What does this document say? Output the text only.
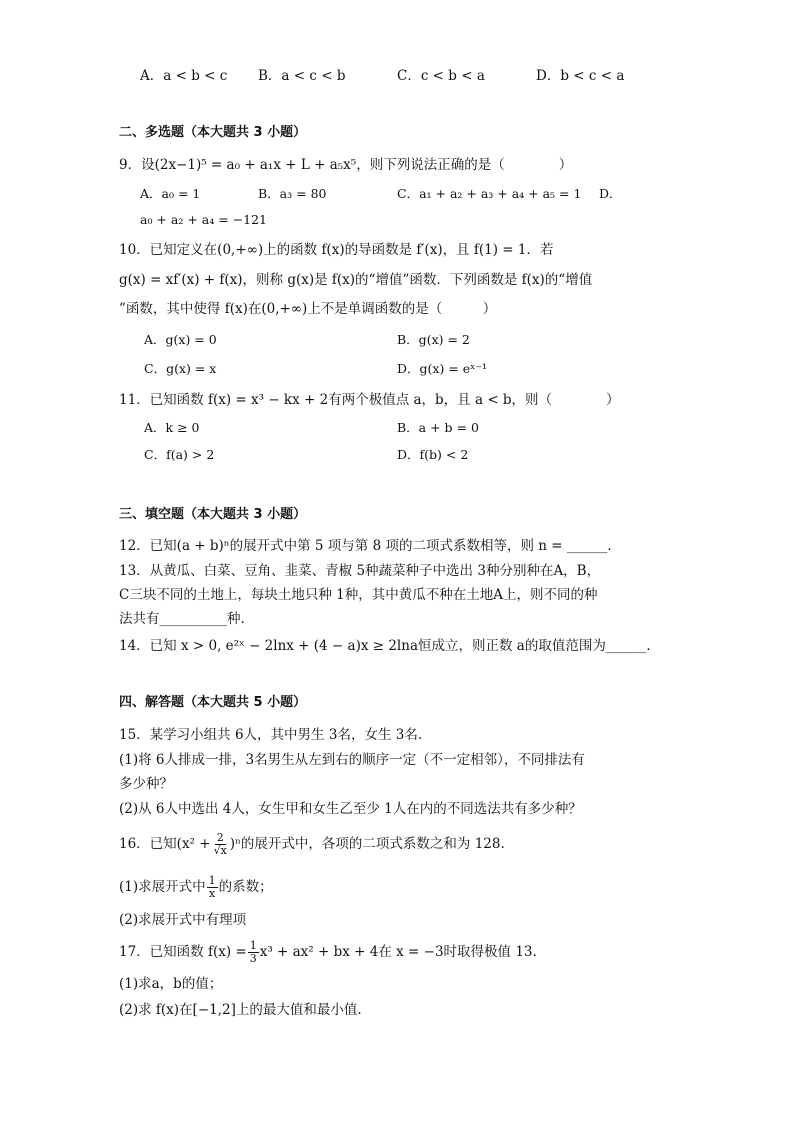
A．a < b < c B．a < c < b	C．c < b < a	D．b < c < a
二、多选题（本大题共 3 小题）
9．设(2x−1)⁵ = a₀ + a₁x + L + a₅x⁵，则下列说法正确的是（　　　　）
A．a₀ = 1	B．a₃ = 80	C．a₁ + a₂ + a₃ + a₄ + a₅ = 1 D．
a₀ + a₂ + a₄ = −121
10．已知定义在(0,+∞)上的函数 f(x)的导函数是 f′(x)，且 f(1) = 1．若
g(x) = xf′(x) + f(x)，则称 g(x)是 f(x)的“增值”函数．下列函数是 f(x)的“增值
”函数，其中使得 f(x)在(0,+∞)上不是单调函数的是（　　　）
A．g(x) = 0	B．g(x) = 2
C．g(x) = x	D．g(x) = eˣ⁻¹
11．已知函数 f(x) = x³ − kx + 2有两个极值点 a，b，且 a < b，则（　　　　）
A．k ≥ 0	B．a + b = 0
C．f(a) > 2	D．f(b) < 2
三、填空题（本大题共 3 小题）
12．已知(a + b)ⁿ的展开式中第 5 项与第 8 项的二项式系数相等，则 n = ______．
13．从黄瓜、白菜、豆角、韭菜、青椒 5种蔬菜种子中选出 3种分别种在A，B，
C三块不同的土地上，每块土地只种 1种，其中黄瓜不种在土地A上，则不同的种
法共有__________种.
14．已知 x > 0, e²ˣ − 2lnx + (4 − a)x ≥ 2lna恒成立，则正数 a的取值范围为______．
四、解答题（本大题共 5 小题）
15．某学习小组共 6人，其中男生 3名，女生 3名.
(1)将 6人排成一排，3名男生从左到右的顺序一定（不一定相邻），不同排法有
多少种？
(2)从 6人中选出 4人，女生甲和女生乙至少 1人在内的不同选法共有多少种？
16．已知$(x^2 + \frac{2}{√x} )^n$的展开式中，各项的二项式系数之和为 128.
(1)求展开式中 $\frac{1}{x}$ 的系数；
(2)求展开式中有理项
17．已知函数 $f(x) = \frac{1}{3} x^3 + ax^2$ + bx + 4在 x = −3时取得极值 13.
(1)求a，b的值；
(2)求 f(x)在[−1,2]上的最大值和最小值.
